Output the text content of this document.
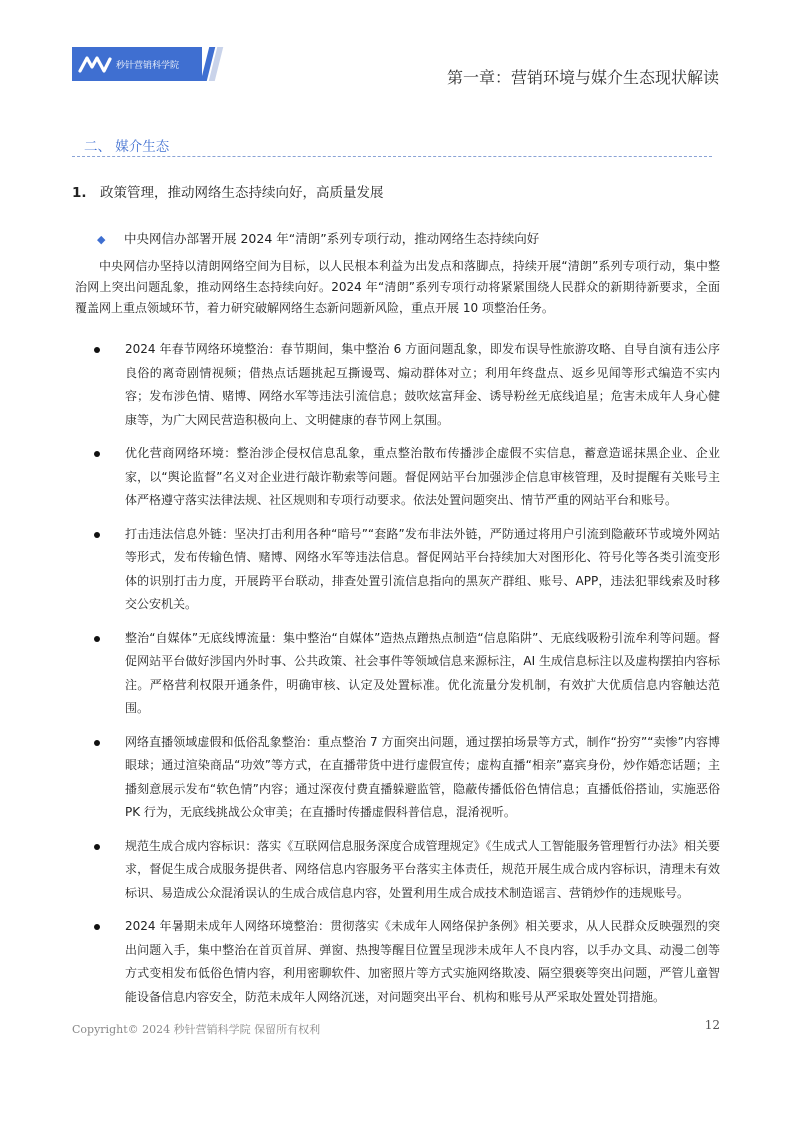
秒针营销科学院
第一章：营销环境与媒介生态现状解读
二、 媒介生态
1. 政策管理，推动网络生态持续向好，高质量发展
◆ 中央网信办部署开展 2024 年“清朗”系列专项行动，推动网络生态持续向好

中央网信办坚持以清朗网络空间为目标，以人民根本利益为出发点和落脚点，持续开展“清朗”系列专项行动，集中整治网上突出问题乱象，推动网络生态持续向好。2024 年“清朗”系列专项行动将紧紧围绕人民群众的新期待新要求，全面覆盖网上重点领域环节，着力研究破解网络生态新问题新风险，重点开展 10 项整治任务。

2024 年春节网络环境整治：春节期间，集中整治 6 方面问题乱象，即发布误导性旅游攻略、自导自演有违公序良俗的离奇剧情视频；借热点话题挑起互撕谩骂、煽动群体对立；利用年终盘点、返乡见闻等形式编造不实内容；发布涉色情、赌博、网络水军等违法引流信息；鼓吹炫富拜金、诱导粉丝无底线追星；危害未成年人身心健康等，为广大网民营造积极向上、文明健康的春节网上氛围。
优化营商网络环境：整治涉企侵权信息乱象，重点整治散布传播涉企虚假不实信息，蓄意造谣抹黑企业、企业家，以“舆论监督”名义对企业进行敲诈勒索等问题。督促网站平台加强涉企信息审核管理，及时提醒有关账号主体严格遵守落实法律法规、社区规则和专项行动要求。依法处置问题突出、情节严重的网站平台和账号。
打击违法信息外链：坚决打击利用各种“暗号”“套路”发布非法外链，严防通过将用户引流到隐蔽环节或境外网站等形式，发布传输色情、赌博、网络水军等违法信息。督促网站平台持续加大对图形化、符号化等各类引流变形体的识别打击力度，开展跨平台联动，排查处置引流信息指向的黑灰产群组、账号、APP，违法犯罪线索及时移交公安机关。
整治“自媒体”无底线博流量：集中整治“自媒体”造热点蹭热点制造“信息陷阱”、无底线吸粉引流牟利等问题。督促网站平台做好涉国内外时事、公共政策、社会事件等领域信息来源标注，AI 生成信息标注以及虚构摆拍内容标注。严格营利权限开通条件，明确审核、认定及处置标准。优化流量分发机制，有效扩大优质信息内容触达范围。
网络直播领域虚假和低俗乱象整治：重点整治 7 方面突出问题，通过摆拍场景等方式，制作“扮穷”“卖惨”内容博眼球；通过渲染商品“功效”等方式，在直播带货中进行虚假宣传；虚构直播“相亲”嘉宾身份，炒作婚恋话题；主播刻意展示发布“软色情”内容；通过深夜付费直播躲避监管，隐蔽传播低俗色情信息；直播低俗搭讪，实施恶俗 PK 行为，无底线挑战公众审美；在直播时传播虚假科普信息，混淆视听。
规范生成合成内容标识：落实《互联网信息服务深度合成管理规定》《生成式人工智能服务管理暂行办法》相关要求，督促生成合成服务提供者、网络信息内容服务平台落实主体责任，规范开展生成合成内容标识，清理未有效标识、易造成公众混淆误认的生成合成信息内容，处置利用生成合成技术制造谣言、营销炒作的违规账号。
2024 年暑期未成年人网络环境整治：贯彻落实《未成年人网络保护条例》相关要求，从人民群众反映强烈的突出问题入手，集中整治在首页首屏、弹窗、热搜等醒目位置呈现涉未成年人不良内容，以手办文具、动漫二创等方式变相发布低俗色情内容，利用密聊软件、加密照片等方式实施网络欺凌、隔空猥亵等突出问题，严管儿童智能设备信息内容安全，防范未成年人网络沉迷，对问题突出平台、机构和账号从严采取处置处罚措施。
Copyright© 2024 秒针营销科学院 保留所有权利	12
